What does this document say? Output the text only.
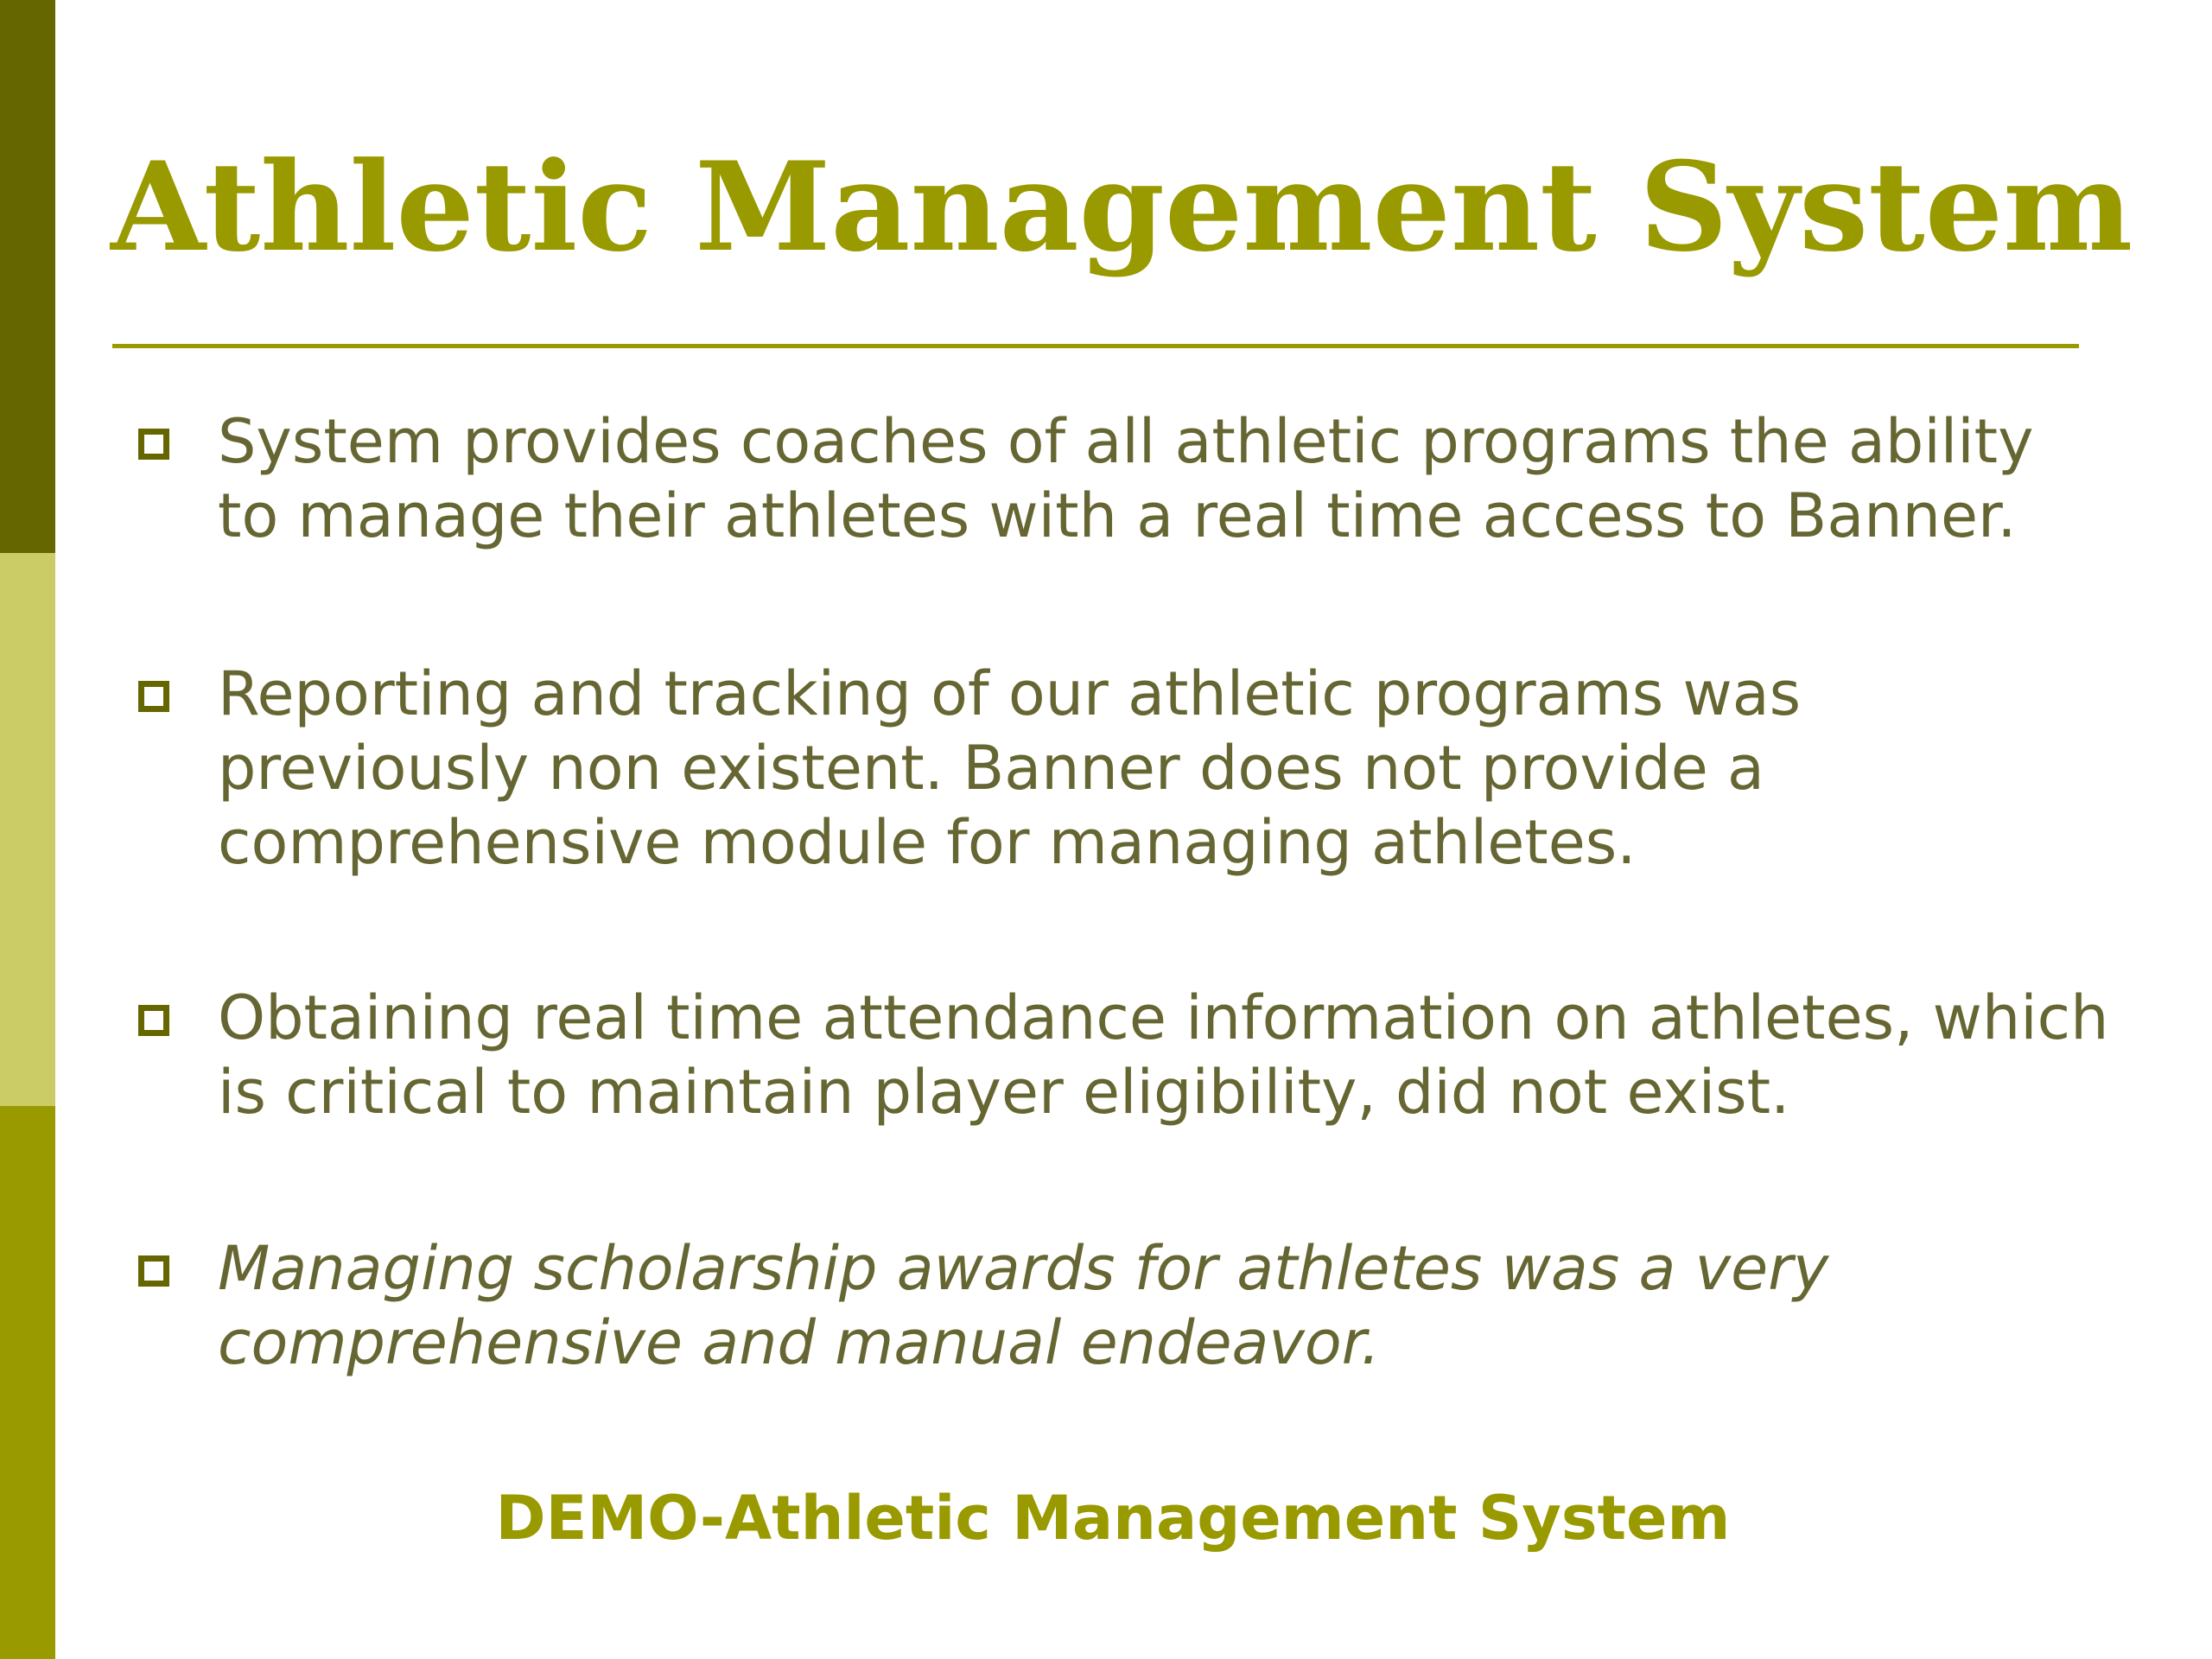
Athletic Management System
System provides coaches of all athletic programs the ability to manage their athletes with a real time access to Banner.
Reporting and tracking of our athletic programs was previously non existent. Banner does not provide a comprehensive module for managing athletes.
Obtaining real time attendance information on athletes, which is critical to maintain player eligibility, did not exist.
Managing scholarship awards for athletes was a very comprehensive and manual endeavor.
DEMO-Athletic Management System
